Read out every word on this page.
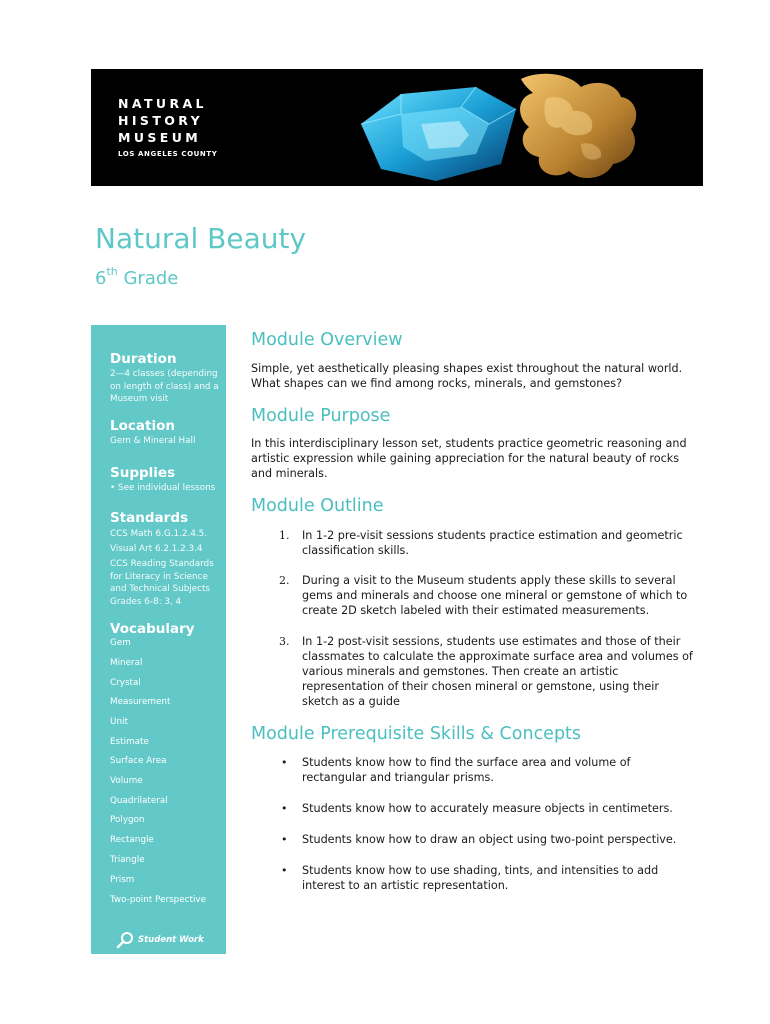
NATURAL
HISTORY
MUSEUM
LOS ANGELES COUNTY
Natural Beauty
6th Grade
Duration
2—4 classes (depending on length of class) and a Museum visit
Location
Gem & Mineral Hall
Supplies
• See individual lessons
Standards
CCS Math 6.G.1.2.4.5.
Visual Art 6.2.1.2.3.4
CCS Reading Standards for Literacy in Science and Technical Subjects Grades 6-8: 3, 4
Vocabulary
Gem
Mineral
Crystal
Measurement
Unit
Estimate
Surface Area
Volume
Quadrilateral
Polygon
Rectangle
Triangle
Prism
Two-point Perspective
Student Work
Module Overview
Simple, yet aesthetically pleasing shapes exist throughout the natural world. What shapes can we find among rocks, minerals, and gemstones?
Module Purpose
In this interdisciplinary lesson set, students practice geometric reasoning and artistic expression while gaining appreciation for the natural beauty of rocks and minerals.
Module Outline
1. In 1-2 pre-visit sessions students practice estimation and geometric classification skills.
2. During a visit to the Museum students apply these skills to several gems and minerals and choose one mineral or gemstone of which to create 2D sketch labeled with their estimated measurements.
3. In 1-2 post-visit sessions, students use estimates and those of their classmates to calculate the approximate surface area and volumes of various minerals and gemstones. Then create an artistic representation of their chosen mineral or gemstone, using their sketch as a guide
Module Prerequisite Skills & Concepts
• Students know how to find the surface area and volume of rectangular and triangular prisms.
• Students know how to accurately measure objects in centimeters.
• Students know how to draw an object using two-point perspective.
• Students know how to use shading, tints, and intensities to add interest to an artistic representation.
